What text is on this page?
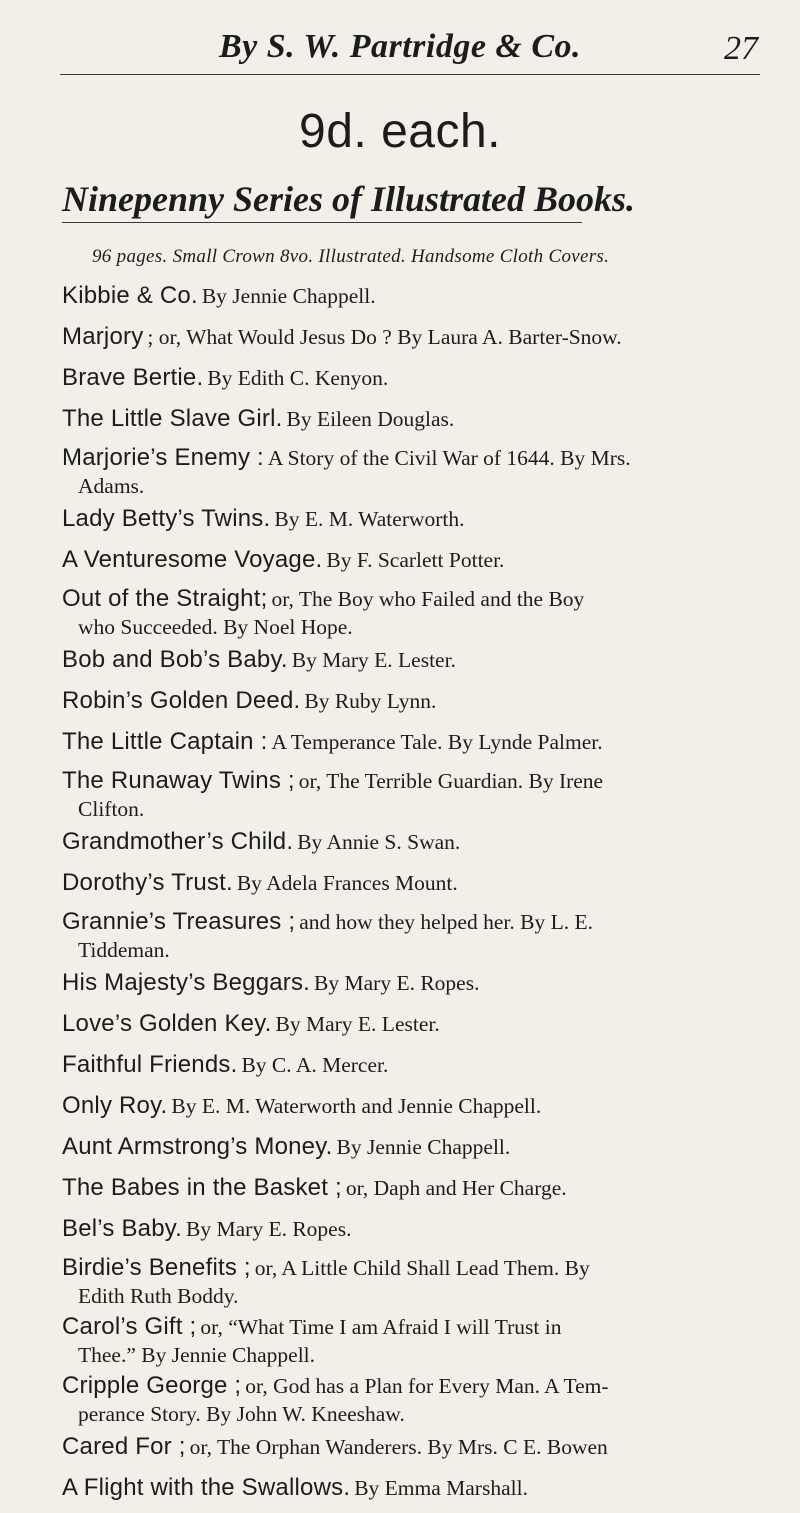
By S. W. Partridge & Co.	27
9d. each.
Ninepenny Series of Illustrated Books.
96 pages. Small Crown 8vo. Illustrated. Handsome Cloth Covers.
Kibbie & Co. By Jennie Chappell.
Marjory ; or, What Would Jesus Do ? By Laura A. Barter-Snow.
Brave Bertie. By Edith C. Kenyon.
The Little Slave Girl. By Eileen Douglas.
Marjorie’s Enemy : A Story of the Civil War of 1644. By Mrs.
Adams.
Lady Betty’s Twins. By E. M. Waterworth.
A Venturesome Voyage. By F. Scarlett Potter.
Out of the Straight; or, The Boy who Failed and the Boy
who Succeeded. By Noel Hope.
Bob and Bob’s Baby. By Mary E. Lester.
Robin’s Golden Deed. By Ruby Lynn.
The Little Captain : A Temperance Tale. By Lynde Palmer.
The Runaway Twins ; or, The Terrible Guardian. By Irene
Clifton.
Grandmother’s Child. By Annie S. Swan.
Dorothy’s Trust. By Adela Frances Mount.
Grannie’s Treasures ; and how they helped her. By L. E.
Tiddeman.
His Majesty’s Beggars. By Mary E. Ropes.
Love’s Golden Key. By Mary E. Lester.
Faithful Friends. By C. A. Mercer.
Only Roy. By E. M. Waterworth and Jennie Chappell.
Aunt Armstrong’s Money. By Jennie Chappell.
The Babes in the Basket ; or, Daph and Her Charge.
Bel’s Baby. By Mary E. Ropes.
Birdie’s Benefits ; or, A Little Child Shall Lead Them. By
Edith Ruth Boddy.
Carol’s Gift ; or, “What Time I am Afraid I will Trust in
Thee.” By Jennie Chappell.
Cripple George ; or, God has a Plan for Every Man. A Tem-
perance Story. By John W. Kneeshaw.
Cared For ; or, The Orphan Wanderers. By Mrs. C E. Bowen
A Flight with the Swallows. By Emma Marshall.
